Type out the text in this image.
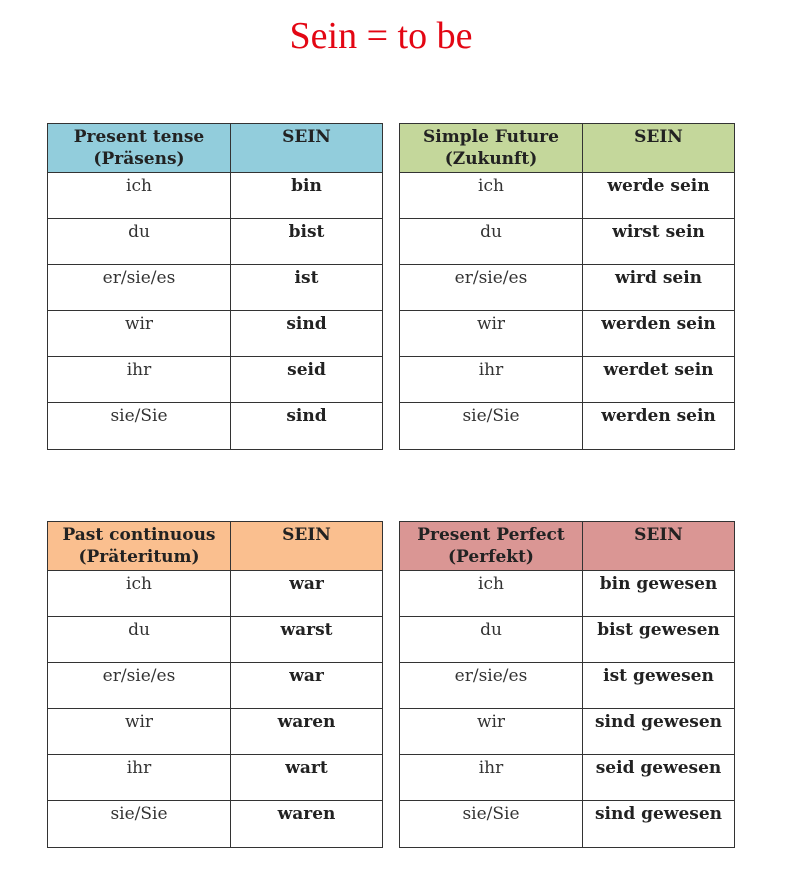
Sein = to be
Present tense
(Präsens)	SEIN
ich	bin
du	bist
er/sie/es	ist
wir	sind
ihr	seid
sie/Sie	sind
Simple Future
(Zukunft)	SEIN
ich	werde sein
du	wirst sein
er/sie/es	wird sein
wir	werden sein
ihr	werdet sein
sie/Sie	werden sein
Past continuous
(Präteritum)	SEIN
ich	war
du	warst
er/sie/es	war
wir	waren
ihr	wart
sie/Sie	waren
Present Perfect
(Perfekt)	SEIN
ich	bin gewesen
du	bist gewesen
er/sie/es	ist gewesen
wir	sind gewesen
ihr	seid gewesen
sie/Sie	sind gewesen
